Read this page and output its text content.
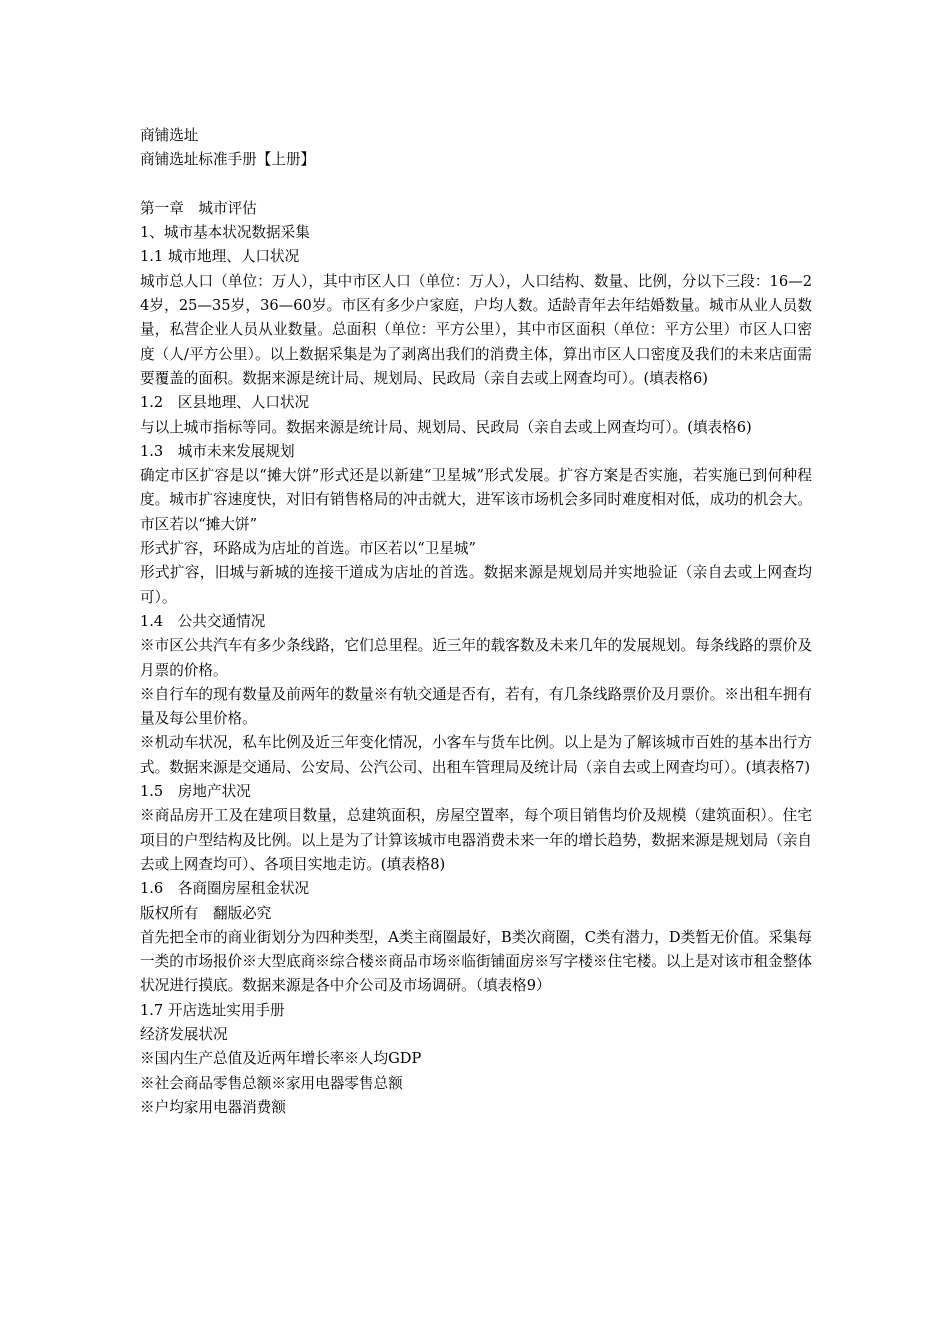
商铺选址
商铺选址标准手册【上册】
第一章　城市评估
1、城市基本状况数据采集
1.1 城市地理、人口状况

城市总人口（单位：万人），其中市区人口（单位：万人），人口结构、数量、比例，分以下三段：16—24岁，25—35岁，36—60岁。市区有多少户家庭，户均人数。适龄青年去年结婚数量。城市从业人员数量，私营企业人员从业数量。总面积（单位：平方公里），其中市区面积（单位：平方公里）市区人口密度（人/平方公里）。以上数据采集是为了剥离出我们的消费主体，算出市区人口密度及我们的未来店面需要覆盖的面积。数据来源是统计局、规划局、民政局（亲自去或上网查均可）。(填表格6)

1.2　区县地理、人口状况

与以上城市指标等同。数据来源是统计局、规划局、民政局（亲自去或上网查均可）。(填表格6)

1.3　城市未来发展规划

确定市区扩容是以“摊大饼”形式还是以新建“卫星城”形式发展。扩容方案是否实施，若实施已到何种程度。城市扩容速度快，对旧有销售格局的冲击就大，进军该市场机会多同时难度相对低，成功的机会大。市区若以“摊大饼”

形式扩容，环路成为店址的首选。市区若以“卫星城”

形式扩容，旧城与新城的连接干道成为店址的首选。数据来源是规划局并实地验证（亲自去或上网查均可）。

1.4　公共交通情况

※市区公共汽车有多少条线路，它们总里程。近三年的载客数及未来几年的发展规划。每条线路的票价及月票的价格。

※自行车的现有数量及前两年的数量※有轨交通是否有，若有，有几条线路票价及月票价。※出租车拥有量及每公里价格。

※机动车状况，私车比例及近三年变化情况，小客车与货车比例。以上是为了解该城市百姓的基本出行方式。数据来源是交通局、公安局、公汽公司、出租车管理局及统计局（亲自去或上网查均可）。(填表格7)

1.5　房地产状况

※商品房开工及在建项目数量，总建筑面积，房屋空置率，每个项目销售均价及规模（建筑面积）。住宅项目的户型结构及比例。以上是为了计算该城市电器消费未来一年的增长趋势，数据来源是规划局（亲自去或上网查均可）、各项目实地走访。(填表格8)

1.6　各商圈房屋租金状况
版权所有　翻版必究

首先把全市的商业街划分为四种类型，A类主商圈最好，B类次商圈，C类有潜力，D类暂无价值。采集每一类的市场报价※大型底商※综合楼※商品市场※临街铺面房※写字楼※住宅楼。以上是对该市租金整体状况进行摸底。数据来源是各中介公司及市场调研。（填表格9）

1.7 开店选址实用手册
经济发展状况
※国内生产总值及近两年增长率※人均GDP
※社会商品零售总额※家用电器零售总额
※户均家用电器消费额
